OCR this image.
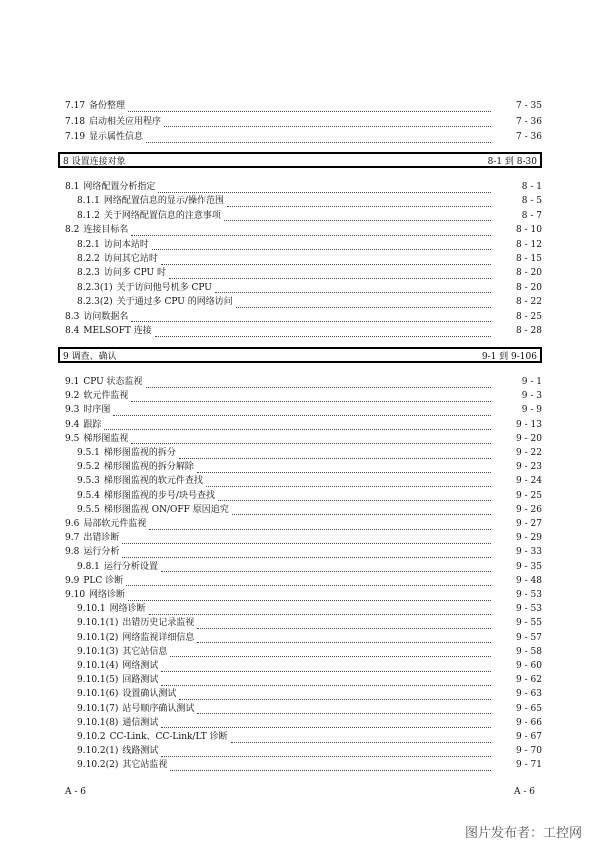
7.17 备份整理	7 - 35
7.18 启动相关应用程序	7 - 36
7.19 显示属性信息	7 - 36
8 设置连接对象	8-1 到 8-30
8.1 网络配置分析指定	8 - 1
8.1.1 网络配置信息的显示/操作范围	8 - 5
8.1.2 关于网络配置信息的注意事项	8 - 7
8.2 连接目标名	8 - 10
8.2.1 访问本站时	8 - 12
8.2.2 访问其它站时	8 - 15
8.2.3 访问多 CPU 时	8 - 20
8.2.3(1) 关于访问他号机多 CPU	8 - 20
8.2.3(2) 关于通过多 CPU 的网络访问	8 - 22
8.3 访问数据名	8 - 25
8.4 MELSOFT 连接	8 - 28
9 调查、确认	9-1 到 9-106
9.1 CPU 状态监视	9 - 1
9.2 软元件监视	9 - 3
9.3 时序图	9 - 9
9.4 跟踪	9 - 13
9.5 梯形图监视	9 - 20
9.5.1 梯形图监视的拆分	9 - 22
9.5.2 梯形图监视的拆分解除	9 - 23
9.5.3 梯形图监视的软元件查找	9 - 24
9.5.4 梯形图监视的步号/块号查找	9 - 25
9.5.5 梯形图监视 ON/OFF 原因追究	9 - 26
9.6 局部软元件监视	9 - 27
9.7 出错诊断	9 - 29
9.8 运行分析	9 - 33
9.8.1 运行分析设置	9 - 35
9.9 PLC 诊断	9 - 48
9.10 网络诊断	9 - 53
9.10.1 网络诊断	9 - 53
9.10.1(1) 出错历史记录监视	9 - 55
9.10.1(2) 网络监视详细信息	9 - 57
9.10.1(3) 其它站信息	9 - 58
9.10.1(4) 网络测试	9 - 60
9.10.1(5) 回路测试	9 - 62
9.10.1(6) 设置确认测试	9 - 63
9.10.1(7) 站号顺序确认测试	9 - 65
9.10.1(8) 通信测试	9 - 66
9.10.2 CC-Link、CC-Link/LT 诊断	9 - 67
9.10.2(1) 线路测试	9 - 70
9.10.2(2) 其它站监视	9 - 71
A - 6	A - 6
图片发布者：工控网
